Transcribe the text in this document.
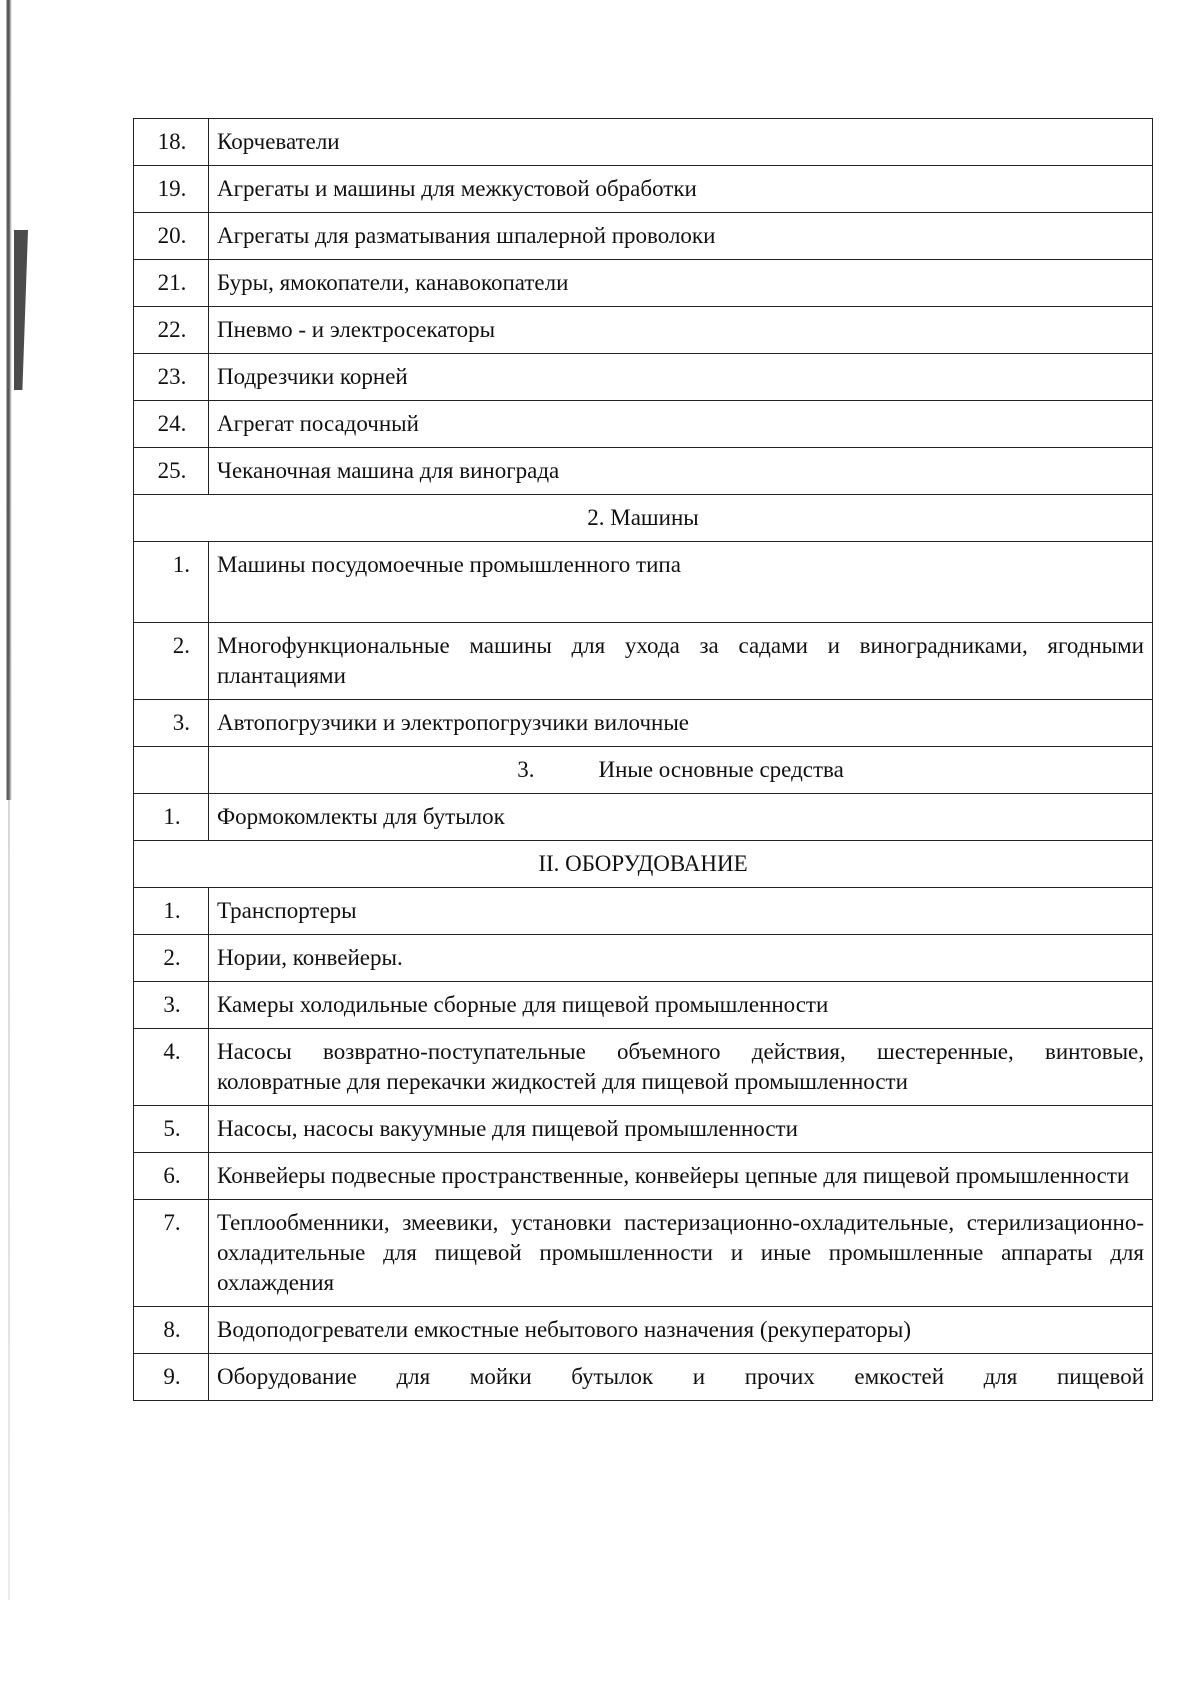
18.	Корчеватели
19.	Агрегаты и машины для межкустовой обработки
20.	Агрегаты для разматывания шпалерной проволоки
21.	Буры, ямокопатели, канавокопатели
22.	Пневмо - и электросекаторы
23.	Подрезчики корней
24.	Агрегат посадочный
25.	Чеканочная машина для винограда
2. Машины	
1.	Машины посудомоечные промышленного типа
2.	Многофункциональные машины для ухода за садами и виноградниками, ягодными плантациями
3.	Автопогрузчики и электропогрузчики вилочные
	3. Иные основные средства
1.	Формокомлекты для бутылок
II. ОБОРУДОВАНИЕ	
1.	Транспортеры
2.	Нории, конвейеры.
3.	Камеры холодильные сборные для пищевой промышленности
4.	Насосы возвратно-поступательные объемного действия, шестеренные, винтовые, коловратные для перекачки жидкостей для пищевой промышленности
5.	Насосы, насосы вакуумные для пищевой промышленности
6.	Конвейеры подвесные пространственные, конвейеры цепные для пищевой промышленности
7.	Теплообменники, змеевики, установки пастеризационно-охладительные, стерилизационно-охладительные для пищевой промышленности и иные промышленные аппараты для охлаждения
8.	Водоподогреватели емкостные небытового назначения (рекуператоры)
9.	Оборудование для мойки бутылок и прочих емкостей для пищевой
